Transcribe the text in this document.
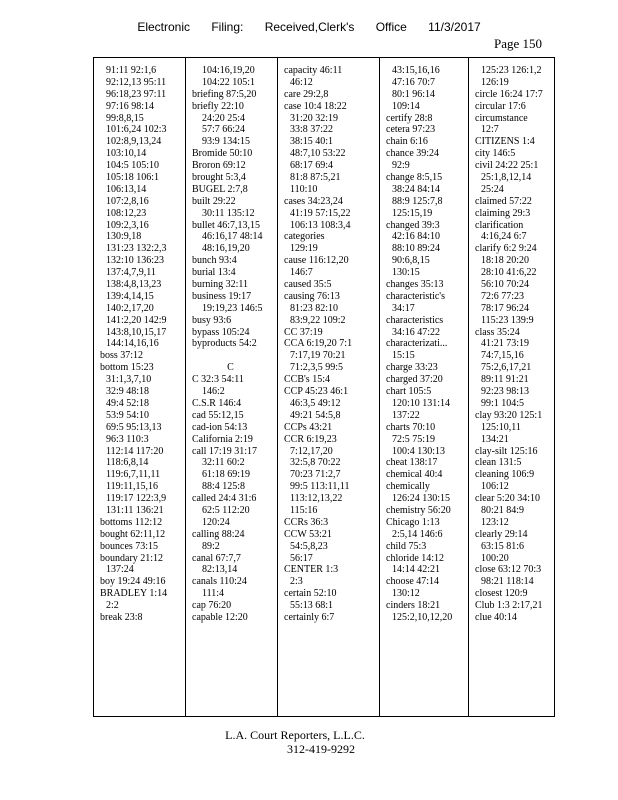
Electronic Filing: Received,Clerk's Office 11/3/2017
Page 150
91:11 92:1,6
92:12,13 95:11
96:18,23 97:11
97:16 98:14
99:8,8,15
101:6,24 102:3
102:8,9,13,24
103:10,14
104:5 105:10
105:18 106:1
106:13,14
107:2,8,16
108:12,23
109:2,3,16
130:9,18
131:23 132:2,3
132:10 136:23
137:4,7,9,11
138:4,8,13,23
139:4,14,15
140:2,17,20
141:2,20 142:9
143:8,10,15,17
144:14,16,16
boss 37:12
bottom 15:23
31:1,3,7,10
32:9 48:18
49:4 52:18
53:9 54:10
69:5 95:13,13
96:3 110:3
112:14 117:20
118:6,8,14
119:6,7,11,11
119:11,15,16
119:17 122:3,9
131:11 136:21
bottoms 112:12
bought 62:11,12
bounces 73:15
boundary 21:12
137:24
boy 19:24 49:16
BRADLEY 1:14
2:2
break 23:8
104:16,19,20
104:22 105:1
briefing 87:5,20
briefly 22:10
24:20 25:4
57:7 66:24
93:9 134:15
Bromide 50:10
Broron 69:12
brought 5:3,4
BUGEL 2:7,8
built 29:22
30:11 135:12
bullet 46:7,13,15
46:16,17 48:14
48:16,19,20
bunch 93:4
burial 13:4
burning 32:11
business 19:17
19:19,23 146:5
busy 93:6
bypass 105:24
byproducts 54:2
C
C 32:3 54:11
146:2
C.S.R 146:4
cad 55:12,15
cad-ion 54:13
California 2:19
call 17:19 31:17
32:11 60:2
61:18 69:19
88:4 125:8
called 24:4 31:6
62:5 112:20
120:24
calling 88:24
89:2
canal 67:7,7
82:13,14
canals 110:24
111:4
cap 76:20
capable 12:20
capacity 46:11
46:12
care 29:2,8
case 10:4 18:22
31:20 32:19
33:8 37:22
38:15 40:1
48:7,10 53:22
68:17 69:4
81:8 87:5,21
110:10
cases 34:23,24
41:19 57:15,22
106:13 108:3,4
categories
129:19
cause 116:12,20
146:7
caused 35:5
causing 76:13
81:23 82:10
83:9,22 109:2
CC 37:19
CCA 6:19,20 7:1
7:17,19 70:21
71:2,3,5 99:5
CCB's 15:4
CCP 45:23 46:1
46:3,5 49:12
49:21 54:5,8
CCPs 43:21
CCR 6:19,23
7:12,17,20
32:5,8 70:22
70:23 71:2,7
99:5 113:11,11
113:12,13,22
115:16
CCRs 36:3
CCW 53:21
54:5,8,23
56:17
CENTER 1:3
2:3
certain 52:10
55:13 68:1
certainly 6:7
43:15,16,16
47:16 70:7
80:1 96:14
109:14
certify 28:8
cetera 97:23
chain 6:16
chance 39:24
92:9
change 8:5,15
38:24 84:14
88:9 125:7,8
125:15,19
changed 39:3
42:16 84:10
88:10 89:24
90:6,8,15
130:15
changes 35:13
characteristic's
34:17
characteristics
34:16 47:22
characterizati...
15:15
charge 33:23
charged 37:20
chart 105:5
120:10 131:14
137:22
charts 70:10
72:5 75:19
100:4 130:13
cheat 138:17
chemical 40:4
chemically
126:24 130:15
chemistry 56:20
Chicago 1:13
2:5,14 146:6
child 75:3
chloride 14:12
14:14 42:21
choose 47:14
130:12
cinders 18:21
125:2,10,12,20
125:23 126:1,2
126:19
circle 16:24 17:7
circular 17:6
circumstance
12:7
CITIZENS 1:4
city 146:5
civil 24:22 25:1
25:1,8,12,14
25:24
claimed 57:22
claiming 29:3
clarification
4:16,24 6:7
clarify 6:2 9:24
18:18 20:20
28:10 41:6,22
56:10 70:24
72:6 77:23
78:17 96:24
115:23 139:9
class 35:24
41:21 73:19
74:7,15,16
75:2,6,17,21
89:11 91:21
92:23 98:13
99:1 104:5
clay 93:20 125:1
125:10,11
134:21
clay-silt 125:16
clean 131:5
cleaning 106:9
106:12
clear 5:20 34:10
80:21 84:9
123:12
clearly 29:14
63:15 81:6
100:20
close 63:12 70:3
98:21 118:14
closest 120:9
Club 1:3 2:17,21
clue 40:14
L.A. Court Reporters, L.L.C.
312-419-9292
